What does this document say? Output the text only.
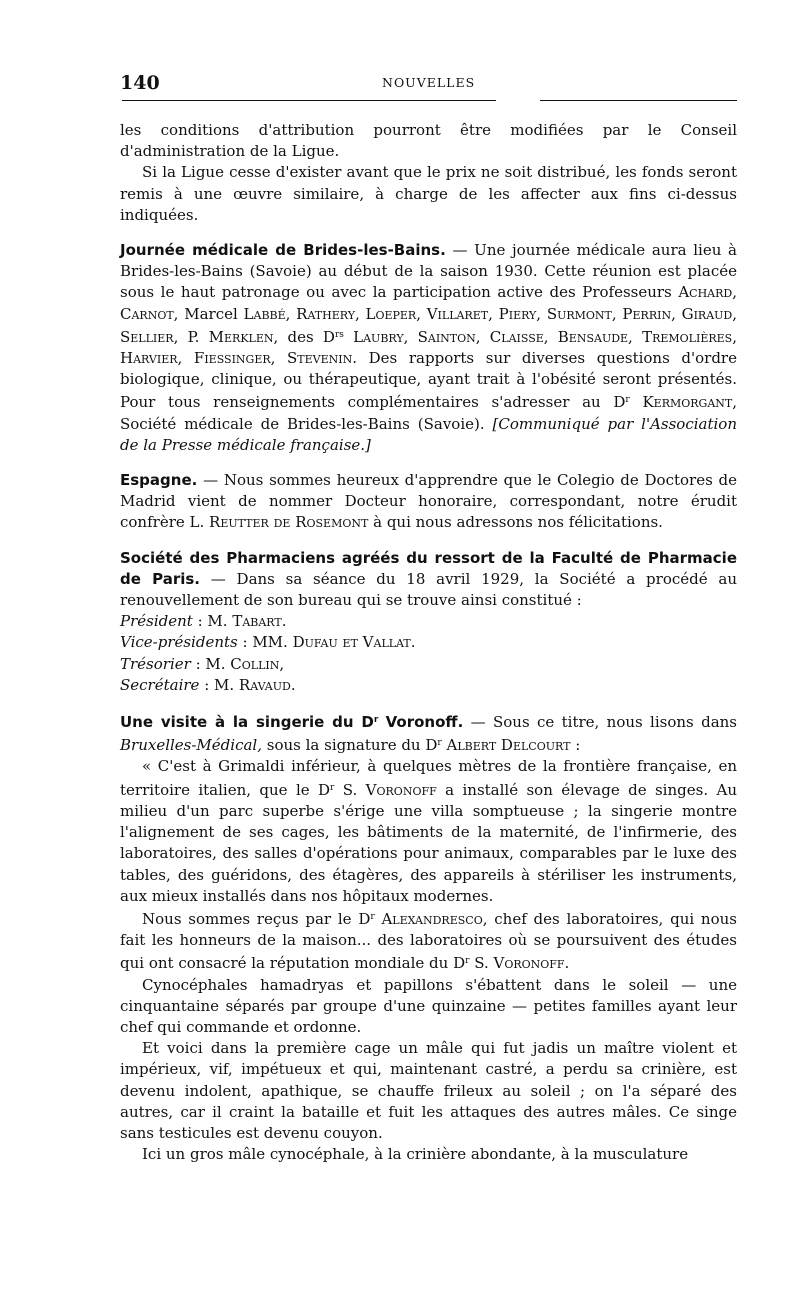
140	NOUVELLES

les conditions d'attribution pourront être modifiées par le Conseil d'administration de la Ligue.

Si la Ligue cesse d'exister avant que le prix ne soit distribué, les fonds seront remis à une œuvre similaire, à charge de les affecter aux fins ci-dessus indiquées.

Journée médicale de Brides-les-Bains. — Une journée médicale aura lieu à Brides-les-Bains (Savoie) au début de la saison 1930. Cette réunion est placée sous le haut patronage ou avec la participation active des Professeurs Achard, Carnot, Marcel Labbé, Rathery, Loeper, Villaret, Piery, Surmont, Perrin, Giraud, Sellier, P. Merklen, des $D^{rs}$ Laubry, Sainton, Claisse, Bensaude, Tremolières, Harvier, Fiessinger, Stevenin. Des rapports sur diverses questions d'ordre biologique, clinique, ou thérapeutique, ayant trait à l'obésité seront présentés. Pour tous renseignements complémentaires s'adresser au $D^r$ Kermorgant, Société médicale de Brides-les-Bains (Savoie). [Communiqué par l'Association de la Presse médicale française.]

Espagne. — Nous sommes heureux d'apprendre que le Colegio de Doctores de Madrid vient de nommer Docteur honoraire, correspondant, notre érudit confrère L. Reutter de Rosemont à qui nous adressons nos félicitations.

Société des Pharmaciens agréés du ressort de la Faculté de Pharmacie de Paris. — Dans sa séance du 18 avril 1929, la Société a procédé au renouvellement de son bureau qui se trouve ainsi constitué :

Président : M. Tabart.

Vice-présidents : MM. Dufau et Vallat.

Trésorier : M. Collin,

Secrétaire : M. Ravaud.

Une visite à la singerie du $D^r$ Voronoff. — Sous ce titre, nous lisons dans Bruxelles-Médical, sous la signature du $D^r$ Albert Delcourt :

« C'est à Grimaldi inférieur, à quelques mètres de la frontière française, en territoire italien, que le $D^r$ S. Voronoff a installé son élevage de singes. Au milieu d'un parc superbe s'érige une villa somptueuse ; la singerie montre l'alignement de ses cages, les bâtiments de la maternité, de l'infirmerie, des laboratoires, des salles d'opérations pour animaux, comparables par le luxe des tables, des guéridons, des étagères, des appareils à stériliser les instruments, aux mieux installés dans nos hôpitaux modernes.

Nous sommes reçus par le $D^r$ Alexandresco, chef des laboratoires, qui nous fait les honneurs de la maison... des laboratoires où se poursuivent des études qui ont consacré la réputation mondiale du $D^r$ S. Voronoff.

Cynocéphales hamadryas et papillons s'ébattent dans le soleil — une cinquantaine séparés par groupe d'une quinzaine — petites familles ayant leur chef qui commande et ordonne.

Et voici dans la première cage un mâle qui fut jadis un maître violent et impérieux, vif, impétueux et qui, maintenant castré, a perdu sa crinière, est devenu indolent, apathique, se chauffe frileux au soleil ; on l'a séparé des autres, car il craint la bataille et fuit les attaques des autres mâles. Ce singe sans testicules est devenu couyon.

Ici un gros mâle cynocéphale, à la crinière abondante, à la musculature
